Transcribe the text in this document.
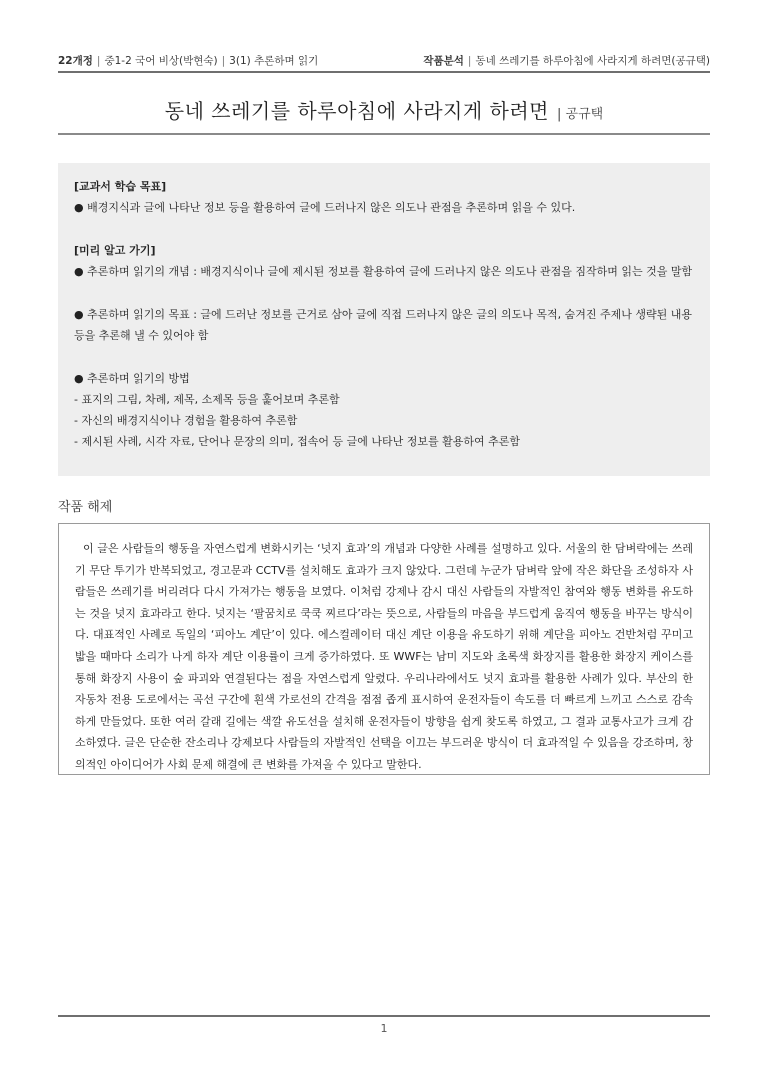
22개정 | 중1-2 국어 비상(박현숙) | 3(1) 추론하며 읽기	작품분석 | 동네 쓰레기를 하루아침에 사라지게 하려면(공규택)
동네 쓰레기를 하루아침에 사라지게 하려면 | 공규택

[교과서 학습 목표]

● 배경지식과 글에 나타난 정보 등을 활용하여 글에 드러나지 않은 의도나 관점을 추론하며 읽을 수 있다.

[미리 알고 가기]

● 추론하며 읽기의 개념 : 배경지식이나 글에 제시된 정보를 활용하여 글에 드러나지 않은 의도나 관점을 짐작하며 읽는 것을 말함

● 추론하며 읽기의 목표 : 글에 드러난 정보를 근거로 삼아 글에 직접 드러나지 않은 글의 의도나 목적, 숨겨진 주제나 생략된 내용 등을 추론해 낼 수 있어야 함

● 추론하며 읽기의 방법

- 표지의 그림, 차례, 제목, 소제목 등을 훑어보며 추론함

- 자신의 배경지식이나 경험을 활용하여 추론함

- 제시된 사례, 시각 자료, 단어나 문장의 의미, 접속어 등 글에 나타난 정보를 활용하여 추론함

작품 해제

이 글은 사람들의 행동을 자연스럽게 변화시키는 ‘넛지 효과’의 개념과 다양한 사례를 설명하고 있다. 서울의 한 담벼락에는 쓰레기 무단 투기가 반복되었고, 경고문과 CCTV를 설치해도 효과가 크지 않았다. 그런데 누군가 담벼락 앞에 작은 화단을 조성하자 사람들은 쓰레기를 버리려다 다시 가져가는 행동을 보였다. 이처럼 강제나 감시 대신 사람들의 자발적인 참여와 행동 변화를 유도하는 것을 넛지 효과라고 한다. 넛지는 ‘팔꿈치로 쿡쿡 찌르다’라는 뜻으로, 사람들의 마음을 부드럽게 움직여 행동을 바꾸는 방식이다. 대표적인 사례로 독일의 ‘피아노 계단’이 있다. 에스컬레이터 대신 계단 이용을 유도하기 위해 계단을 피아노 건반처럼 꾸미고 밟을 때마다 소리가 나게 하자 계단 이용률이 크게 증가하였다. 또 WWF는 남미 지도와 초록색 화장지를 활용한 화장지 케이스를 통해 화장지 사용이 숲 파괴와 연결된다는 점을 자연스럽게 알렸다. 우리나라에서도 넛지 효과를 활용한 사례가 있다. 부산의 한 자동차 전용 도로에서는 곡선 구간에 흰색 가로선의 간격을 점점 좁게 표시하여 운전자들이 속도를 더 빠르게 느끼고 스스로 감속하게 만들었다. 또한 여러 갈래 길에는 색깔 유도선을 설치해 운전자들이 방향을 쉽게 찾도록 하였고, 그 결과 교통사고가 크게 감소하였다. 글은 단순한 잔소리나 강제보다 사람들의 자발적인 선택을 이끄는 부드러운 방식이 더 효과적일 수 있음을 강조하며, 창의적인 아이디어가 사회 문제 해결에 큰 변화를 가져올 수 있다고 말한다.

1
